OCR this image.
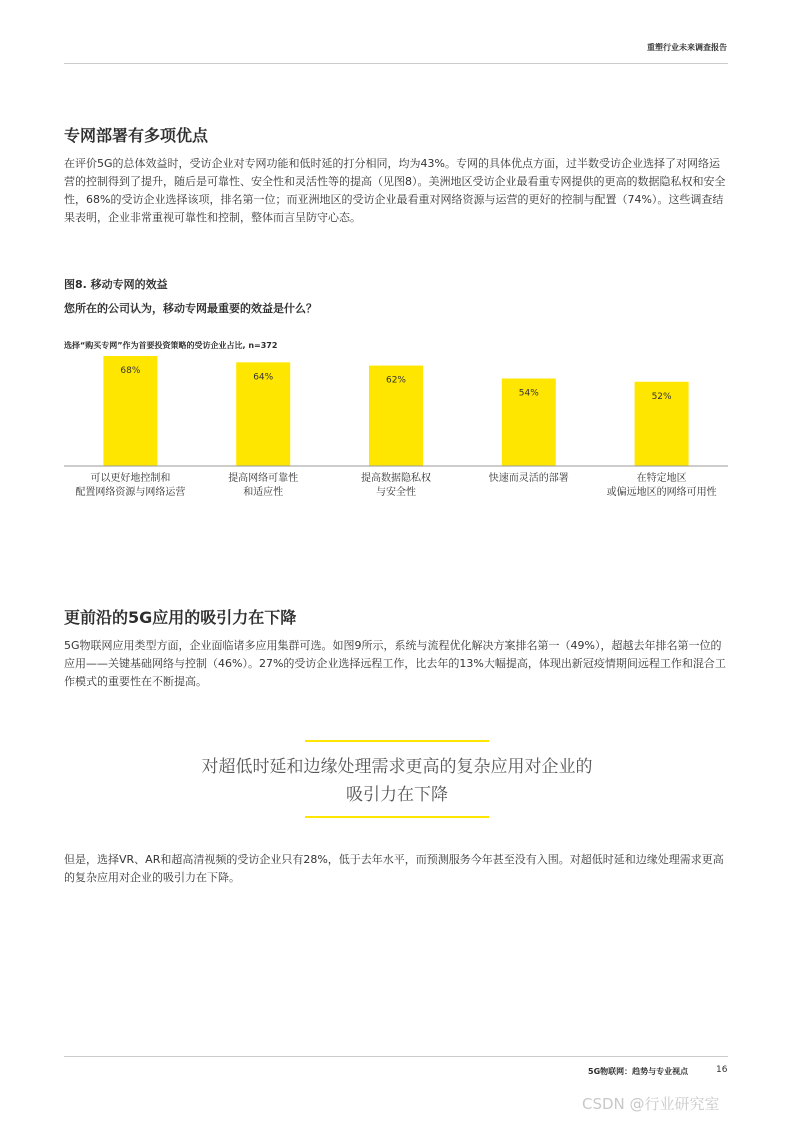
重塑行业未来调查报告
专网部署有多项优点

在评价5G的总体效益时，受访企业对专网功能和低时延的打分相同，均为43%。专网的具体优点方面，过半数受访企业选择了对网络运营的控制得到了提升，随后是可靠性、安全性和灵活性等的提高（见图8）。美洲地区受访企业最看重专网提供的更高的数据隐私权和安全性，68%的受访企业选择该项，排名第一位；而亚洲地区的受访企业最看重对网络资源与运营的更好的控制与配置（74%）。这些调查结果表明，企业非常重视可靠性和控制，整体而言呈防守心态。

图8. 移动专网的效益
您所在的公司认为，移动专网最重要的效益是什么？
选择“购买专网”作为首要投资策略的受访企业占比, n=372
68%
64%	62%
54%	52%
可以更好地控制和配置网络资源与网络运营
提高网络可靠性和适应性
提高数据隐私权与安全性
快速而灵活的部署	在特定地区或偏远地区的网络可用性
更前沿的5G应用的吸引力在下降

5G物联网应用类型方面，企业面临诸多应用集群可选。如图9所示，系统与流程优化解决方案排名第一（49%），超越去年排名第一位的应用——关键基础网络与控制（46%）。27%的受访企业选择远程工作，比去年的13%大幅提高，体现出新冠疫情期间远程工作和混合工作模式的重要性在不断提高。

对超低时延和边缘处理需求更高的复杂应用对企业的
吸引力在下降

但是，选择VR、AR和超高清视频的受访企业只有28%，低于去年水平，而预测服务今年甚至没有入围。对超低时延和边缘处理需求更高的复杂应用对企业的吸引力在下降。

5G物联网：趋势与专业视点	16
CSDN @行业研究室
